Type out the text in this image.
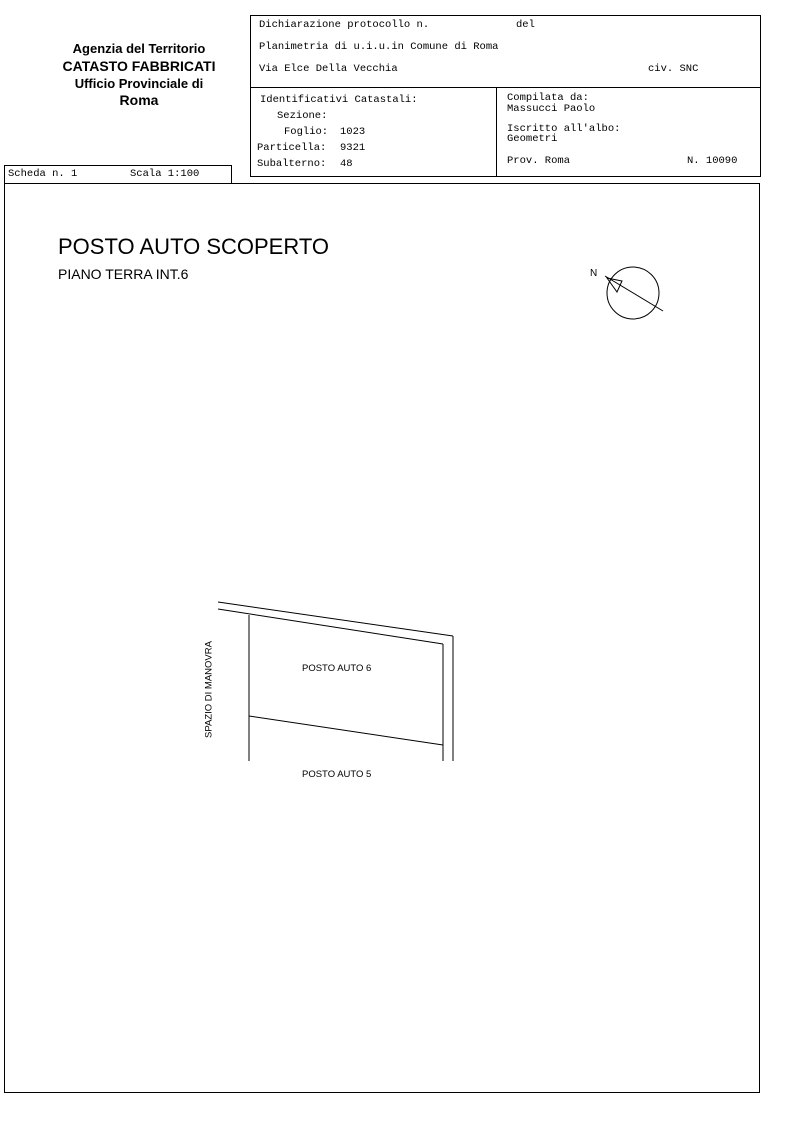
Agenzia del Territorio
CATASTO FABBRICATI
Ufficio Provinciale di
Roma
Dichiarazione protocollo n.	del
Planimetria di u.i.u.in Comune di Roma
Via Elce Della Vecchia	civ. SNC
Identificativi Catastali:
Sezione:
Foglio: 1023
Particella: 9321
Subalterno: 48
Compilata da:
Massucci Paolo
Iscritto all'albo:
Geometri
Prov. Roma	N. 10090
Scheda n. 1	Scala 1:100
POSTO AUTO SCOPERTO
PIANO TERRA INT.6	N
POSTO AUTO 6
POSTO AUTO 5
SPAZIO DI MANOVRA
